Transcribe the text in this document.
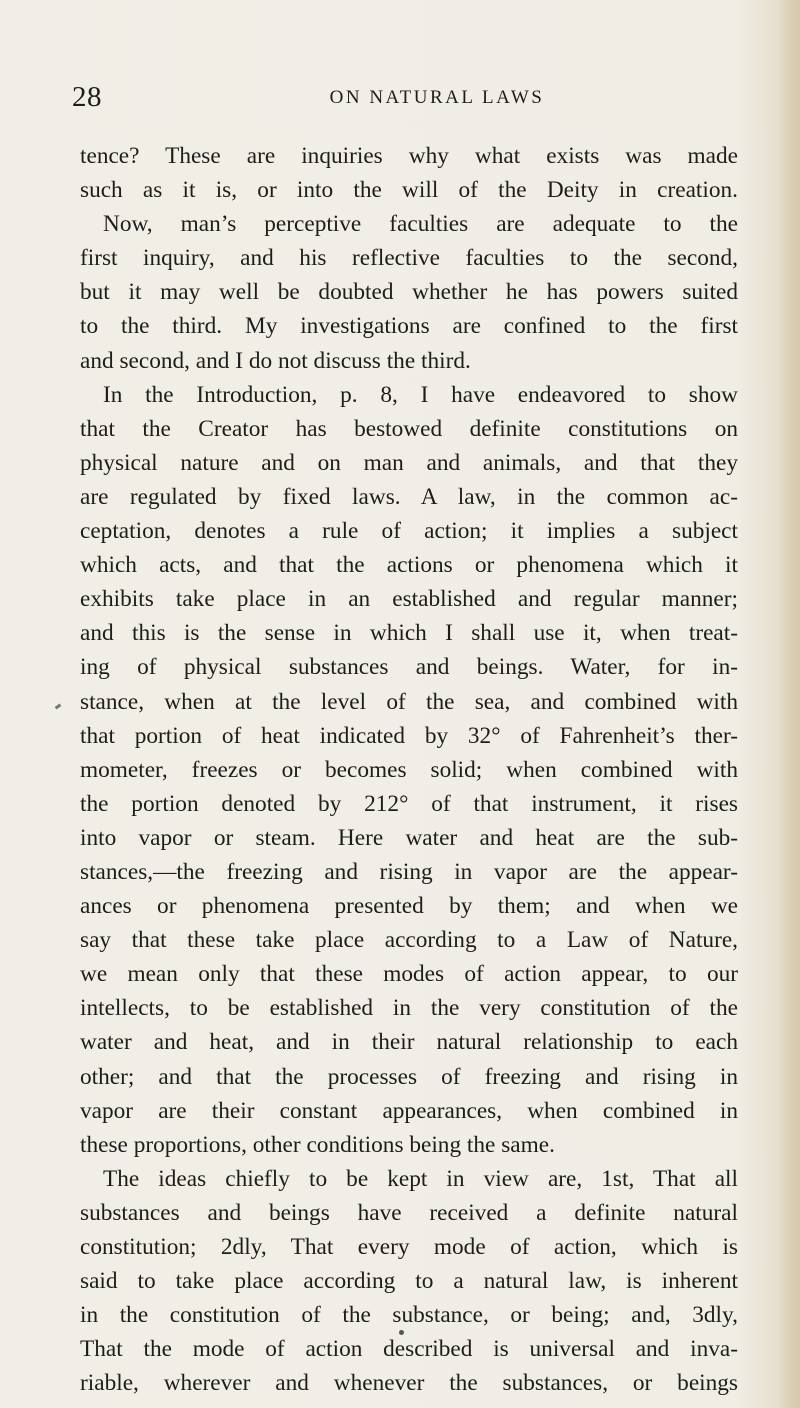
28	ON NATURAL LAWS
tence? These are inquiries why what exists was made
such as it is, or into the will of the Deity in creation.
Now, man’s perceptive faculties are adequate to the
first inquiry, and his reflective faculties to the second,
but it may well be doubted whether he has powers suited
to the third. My investigations are confined to the first
and second, and I do not discuss the third.
In the Introduction, p. 8, I have endeavored to show
that the Creator has bestowed definite constitutions on
physical nature and on man and animals, and that they
are regulated by fixed laws. A law, in the common ac-
ceptation, denotes a rule of action; it implies a subject
which acts, and that the actions or phenomena which it
exhibits take place in an established and regular manner;
and this is the sense in which I shall use it, when treat-
ing of physical substances and beings. Water, for in-
stance, when at the level of the sea, and combined with
that portion of heat indicated by 32° of Fahrenheit’s ther-
mometer, freezes or becomes solid; when combined with
the portion denoted by 212° of that instrument, it rises
into vapor or steam. Here water and heat are the sub-
stances,—the freezing and rising in vapor are the appear-
ances or phenomena presented by them; and when we
say that these take place according to a Law of Nature,
we mean only that these modes of action appear, to our
intellects, to be established in the very constitution of the
water and heat, and in their natural relationship to each
other; and that the processes of freezing and rising in
vapor are their constant appearances, when combined in
these proportions, other conditions being the same.
The ideas chiefly to be kept in view are, 1st, That all
substances and beings have received a definite natural
constitution; 2dly, That every mode of action, which is
said to take place according to a natural law, is inherent
in the constitution of the substance, or being; and, 3dly,
That the mode of action described is universal and inva-
riable, wherever and whenever the substances, or beings
